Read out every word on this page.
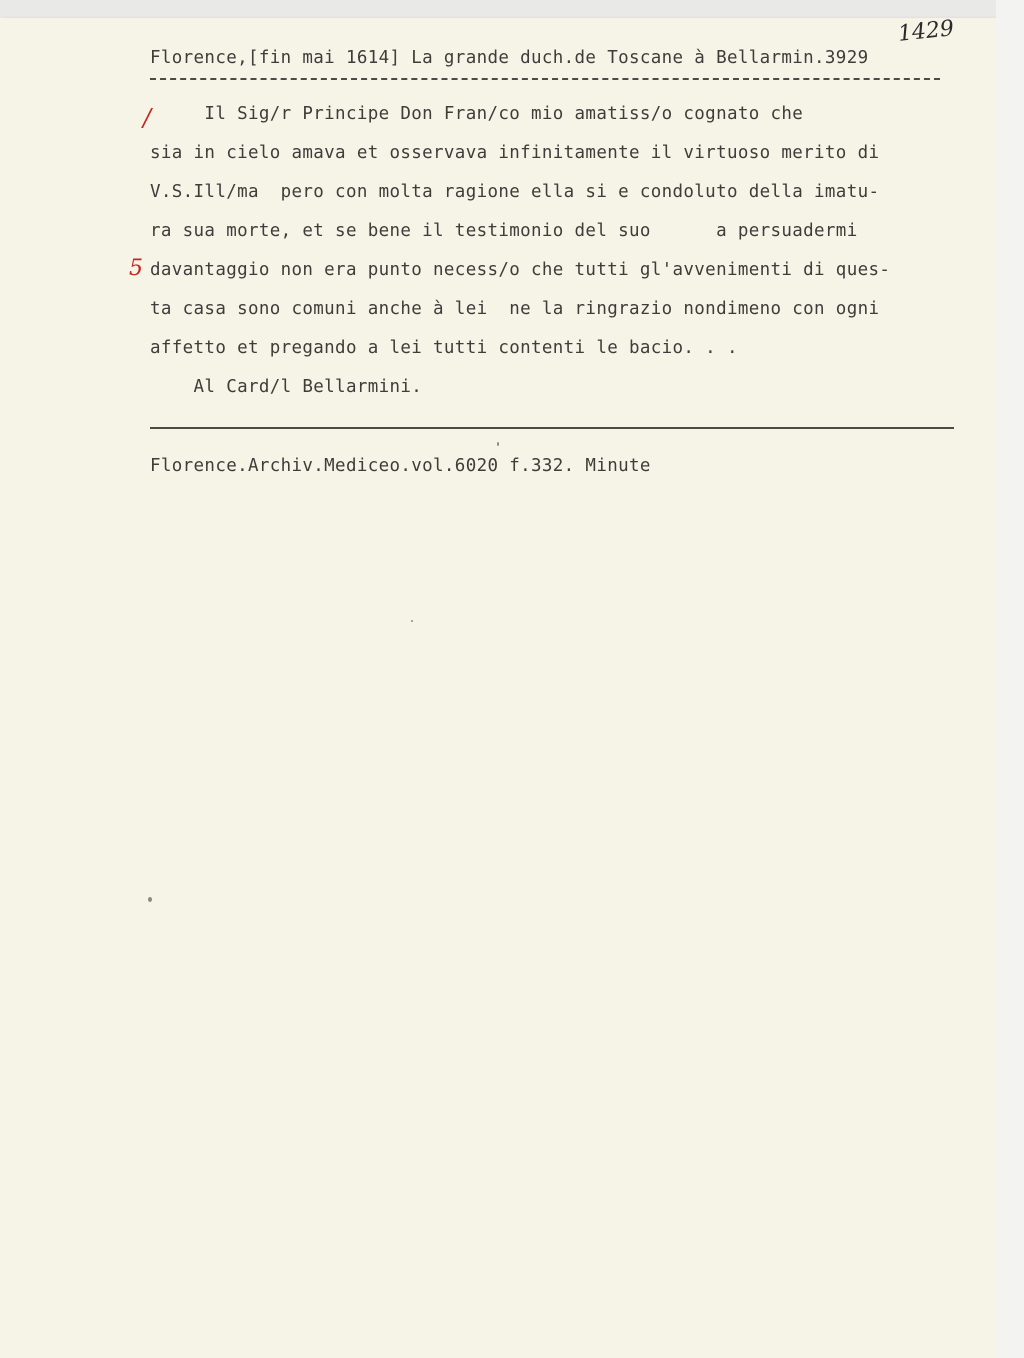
1429
Florence,[fin mai 1614] La grande duch.de Toscane à Bellarmin.3929
/
5
Il Sig/r Principe Don Fran/co mio amatiss/o cognato che
sia in cielo amava et osservava infinitamente il virtuoso merito di
V.S.Ill/ma  pero con molta ragione ella si e condoluto della imatu-
ra sua morte, et se bene il testimonio del suo      a persuadermi
davantaggio non era punto necess/o che tutti gl'avvenimenti di ques-
ta casa sono comuni anche à lei  ne la ringrazio nondimeno con ogni
affetto et pregando a lei tutti contenti le bacio. . .
Al Card/l Bellarmini.
Florence.Archiv.Mediceo.vol.6020 f.332. Minute
